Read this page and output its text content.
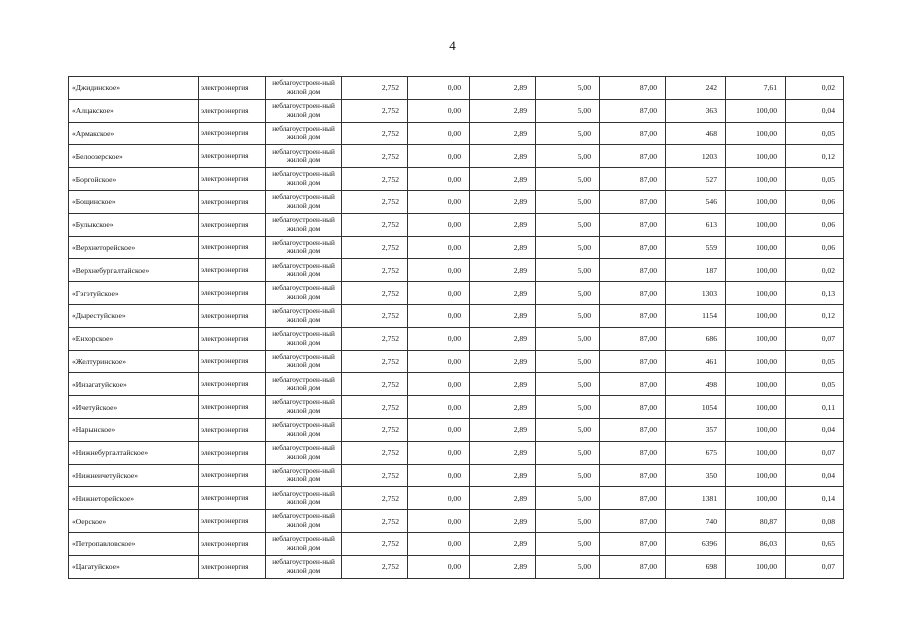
4
«Джидинское»	электроэнергия	неблагоустроен-ный жилой дом	2,752	0,00	2,89	5,00	87,00	242	7,61	0,02
«Алцакское»	электроэнергия	неблагоустроен-ный жилой дом	2,752	0,00	2,89	5,00	87,00	363	100,00	0,04
«Армакское»	электроэнергия	неблагоустроен-ный жилой дом	2,752	0,00	2,89	5,00	87,00	468	100,00	0,05
«Белоозерское»	электроэнергия	неблагоустроен-ный жилой дом	2,752	0,00	2,89	5,00	87,00	1203	100,00	0,12
«Боргойское»	электроэнергия	неблагоустроен-ный жилой дом	2,752	0,00	2,89	5,00	87,00	527	100,00	0,05
«Бощинское»	электроэнергия	неблагоустроен-ный жилой дом	2,752	0,00	2,89	5,00	87,00	546	100,00	0,06
«Булыкское»	электроэнергия	неблагоустроен-ный жилой дом	2,752	0,00	2,89	5,00	87,00	613	100,00	0,06
«Верхнеторейское»	электроэнергия	неблагоустроен-ный жилой дом	2,752	0,00	2,89	5,00	87,00	559	100,00	0,06
«Верхнебургалтайское»	электроэнергия	неблагоустроен-ный жилой дом	2,752	0,00	2,89	5,00	87,00	187	100,00	0,02
«Гэгэтуйское»	электроэнергия	неблагоустроен-ный жилой дом	2,752	0,00	2,89	5,00	87,00	1303	100,00	0,13
«Дырестуйское»	электроэнергия	неблагоустроен-ный жилой дом	2,752	0,00	2,89	5,00	87,00	1154	100,00	0,12
«Енхорское»	электроэнергия	неблагоустроен-ный жилой дом	2,752	0,00	2,89	5,00	87,00	686	100,00	0,07
«Желтуринское»	электроэнергия	неблагоустроен-ный жилой дом	2,752	0,00	2,89	5,00	87,00	461	100,00	0,05
«Инзагатуйское»	электроэнергия	неблагоустроен-ный жилой дом	2,752	0,00	2,89	5,00	87,00	498	100,00	0,05
«Ичетуйское»	электроэнергия	неблагоустроен-ный жилой дом	2,752	0,00	2,89	5,00	87,00	1054	100,00	0,11
«Нарынское»	электроэнергия	неблагоустроен-ный жилой дом	2,752	0,00	2,89	5,00	87,00	357	100,00	0,04
«Нижнебургалтайское»	электроэнергия	неблагоустроен-ный жилой дом	2,752	0,00	2,89	5,00	87,00	675	100,00	0,07
«Нижнеичетуйское»	электроэнергия	неблагоустроен-ный жилой дом	2,752	0,00	2,89	5,00	87,00	350	100,00	0,04
«Нижнеторейское»	электроэнергия	неблагоустроен-ный жилой дом	2,752	0,00	2,89	5,00	87,00	1381	100,00	0,14
«Оерское»	электроэнергия	неблагоустроен-ный жилой дом	2,752	0,00	2,89	5,00	87,00	740	80,87	0,08
«Петропавловское»	электроэнергия	неблагоустроен-ный жилой дом	2,752	0,00	2,89	5,00	87,00	6396	86,03	0,65
«Цагатуйское»	электроэнергия	неблагоустроен-ный жилой дом	2,752	0,00	2,89	5,00	87,00	698	100,00	0,07
